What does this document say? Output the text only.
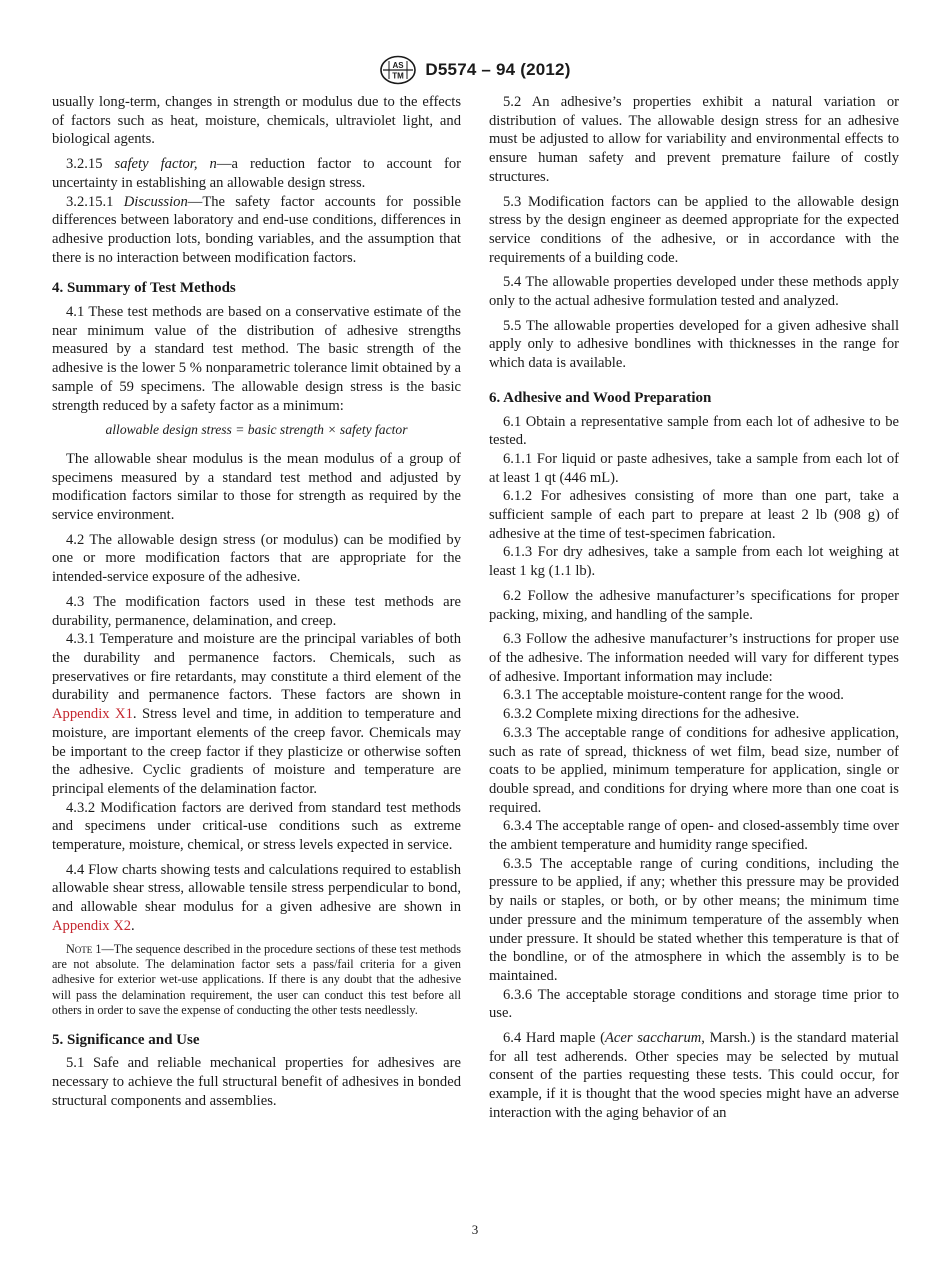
AS
TM D5574 – 94 (2012)

usually long-term, changes in strength or modulus due to the effects of factors such as heat, moisture, chemicals, ultraviolet light, and biological agents.

3.2.15 safety factor, n—a reduction factor to account for uncertainty in establishing an allowable design stress.

3.2.15.1 Discussion—The safety factor accounts for possible differences between laboratory and end-use conditions, differences in adhesive production lots, bonding variables, and the assumption that there is no interaction between modification factors.

4. Summary of Test Methods

4.1 These test methods are based on a conservative estimate of the near minimum value of the distribution of adhesive strengths measured by a standard test method. The basic strength of the adhesive is the lower 5 % nonparametric tolerance limit obtained by a sample of 59 specimens. The allowable design stress is the basic strength reduced by a safety factor as a minimum:

allowable design stress = basic strength × safety factor

The allowable shear modulus is the mean modulus of a group of specimens measured by a standard test method and adjusted by modification factors similar to those for strength as required by the service environment.

4.2 The allowable design stress (or modulus) can be modified by one or more modification factors that are appropriate for the intended-service exposure of the adhesive.

4.3 The modification factors used in these test methods are durability, permanence, delamination, and creep.

4.3.1 Temperature and moisture are the principal variables of both the durability and permanence factors. Chemicals, such as preservatives or fire retardants, may constitute a third element of the durability and permanence factors. These factors are shown in Appendix X1. Stress level and time, in addition to temperature and moisture, are important elements of the creep favor. Chemicals may be important to the creep factor if they plasticize or otherwise soften the adhesive. Cyclic gradients of moisture and temperature are principal elements of the delamination factor.

4.3.2 Modification factors are derived from standard test methods and specimens under critical-use conditions such as extreme temperature, moisture, chemical, or stress levels expected in service.

4.4 Flow charts showing tests and calculations required to establish allowable shear stress, allowable tensile stress perpendicular to bond, and allowable shear modulus for a given adhesive are shown in Appendix X2.

Note 1—The sequence described in the procedure sections of these test methods are not absolute. The delamination factor sets a pass/fail criteria for a given adhesive for exterior wet-use applications. If there is any doubt that the adhesive will pass the delamination requirement, the user can conduct this test before all others in order to save the expense of conducting the other tests needlessly.
5. Significance and Use

5.1 Safe and reliable mechanical properties for adhesives are necessary to achieve the full structural benefit of adhesives in bonded structural components and assemblies.

5.2 An adhesive’s properties exhibit a natural variation or distribution of values. The allowable design stress for an adhesive must be adjusted to allow for variability and environmental effects to ensure human safety and prevent premature failure of costly structures.

5.3 Modification factors can be applied to the allowable design stress by the design engineer as deemed appropriate for the expected service conditions of the adhesive, or in accordance with the requirements of a building code.

5.4 The allowable properties developed under these methods apply only to the actual adhesive formulation tested and analyzed.

5.5 The allowable properties developed for a given adhesive shall apply only to adhesive bondlines with thicknesses in the range for which data is available.

6. Adhesive and Wood Preparation

6.1 Obtain a representative sample from each lot of adhesive to be tested.

6.1.1 For liquid or paste adhesives, take a sample from each lot of at least 1 qt (446 mL).

6.1.2 For adhesives consisting of more than one part, take a sufficient sample of each part to prepare at least 2 lb (908 g) of adhesive at the time of test-specimen fabrication.

6.1.3 For dry adhesives, take a sample from each lot weighing at least 1 kg (1.1 lb).

6.2 Follow the adhesive manufacturer’s specifications for proper packing, mixing, and handling of the sample.

6.3 Follow the adhesive manufacturer’s instructions for proper use of the adhesive. The information needed will vary for different types of adhesive. Important information may include:

6.3.1 The acceptable moisture-content range for the wood.

6.3.2 Complete mixing directions for the adhesive.

6.3.3 The acceptable range of conditions for adhesive application, such as rate of spread, thickness of wet film, bead size, number of coats to be applied, minimum temperature for application, single or double spread, and conditions for drying where more than one coat is required.

6.3.4 The acceptable range of open- and closed-assembly time over the ambient temperature and humidity range specified.

6.3.5 The acceptable range of curing conditions, including the pressure to be applied, if any; whether this pressure may be provided by nails or staples, or both, or by other means; the minimum time under pressure and the minimum temperature of the assembly when under pressure. It should be stated whether this temperature is that of the bondline, or of the atmosphere in which the assembly is to be maintained.

6.3.6 The acceptable storage conditions and storage time prior to use.

6.4 Hard maple (Acer saccharum, Marsh.) is the standard material for all test adherends. Other species may be selected by mutual consent of the parties requesting these tests. This could occur, for example, if it is thought that the wood species might have an adverse interaction with the aging behavior of an

3
